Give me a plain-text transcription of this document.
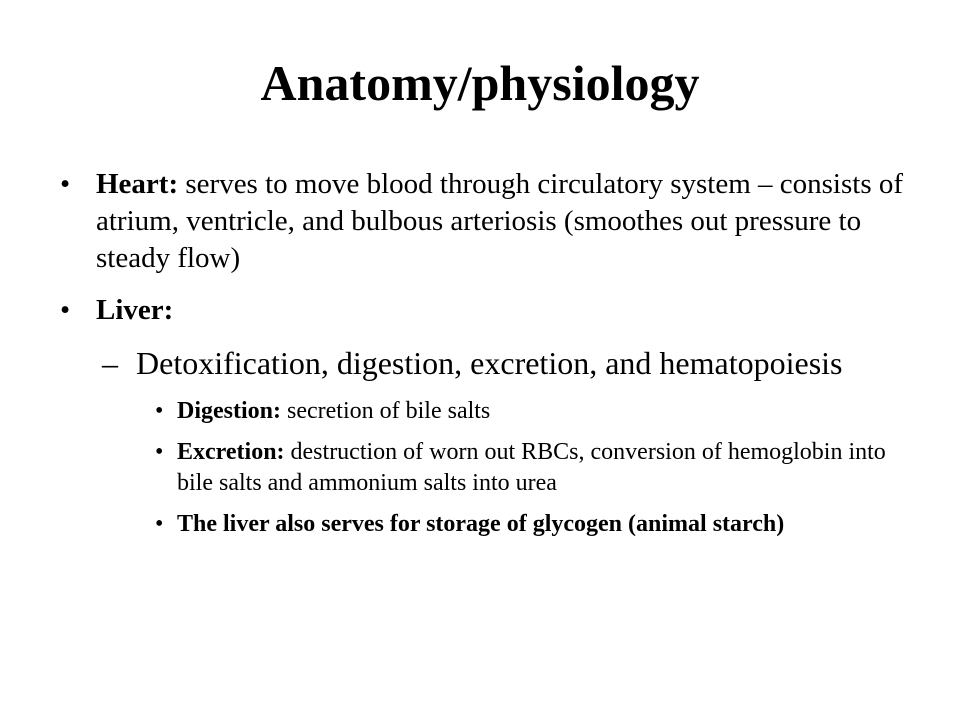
Anatomy/physiology
• Heart: serves to move blood through circulatory system – consists of atrium, ventricle, and bulbous arteriosis (smoothes out pressure to steady flow)
• Liver:
– Detoxification, digestion, excretion, and hematopoiesis
• Digestion: secretion of bile salts
• Excretion: destruction of worn out RBCs, conversion of hemoglobin into bile salts and ammonium salts into urea
• The liver also serves for storage of glycogen (animal starch)
